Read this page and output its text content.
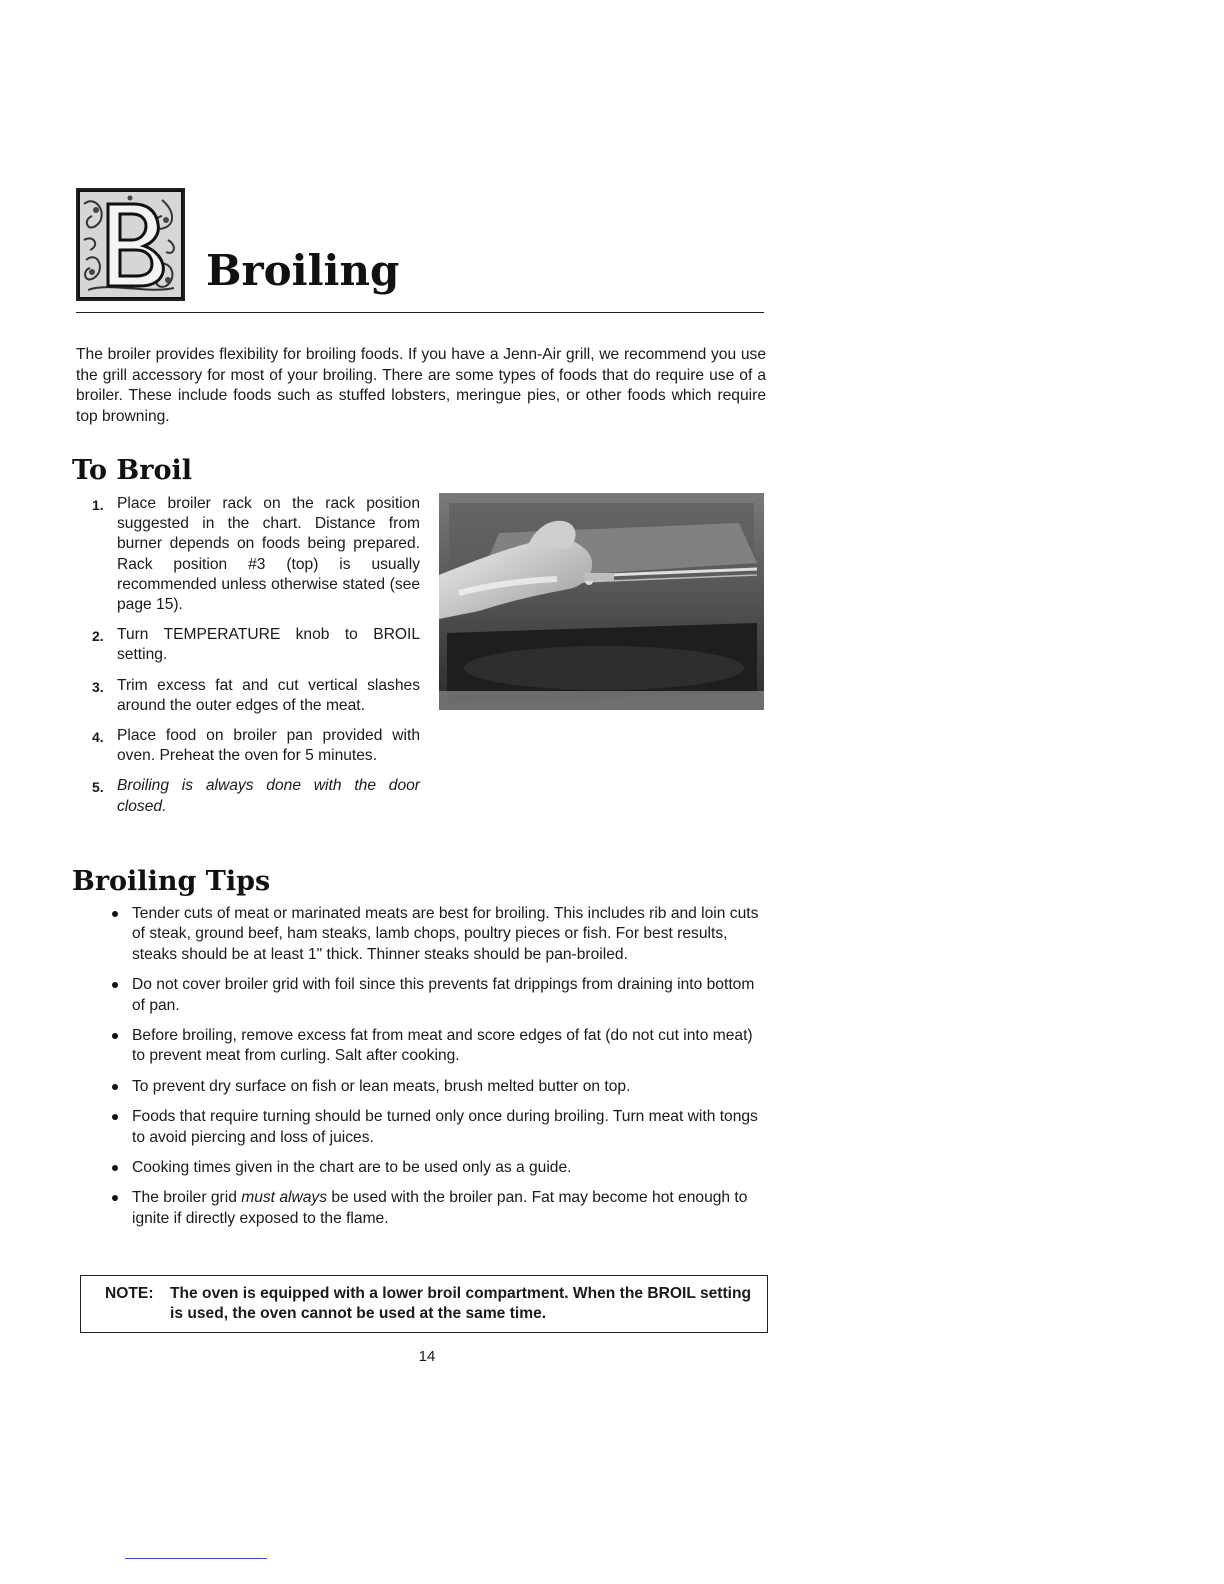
Broiling

The broiler provides flexibility for broiling foods. If you have a Jenn-Air grill, we recommend you use the grill accessory for most of your broiling. There are some types of foods that do require use of a broiler. These include foods such as stuffed lobsters, meringue pies, or other foods which require top browning.

To Broil
1. Place broiler rack on the rack position suggested in the chart. Distance from burner depends on foods being prepared. Rack position #3 (top) is usually recommended unless otherwise stated (see page 15).
2. Turn TEMPERATURE knob to BROIL setting.
3. Trim excess fat and cut vertical slashes around the outer edges of the meat.
4. Place food on broiler pan provided with oven. Preheat the oven for 5 minutes.
5. Broiling is always done with the door closed.
Broiling Tips
Tender cuts of meat or marinated meats are best for broiling. This includes rib and loin cuts of steak, ground beef, ham steaks, lamb chops, poultry pieces or fish. For best results, steaks should be at least 1" thick. Thinner steaks should be pan-broiled.
Do not cover broiler grid with foil since this prevents fat drippings from draining into bottom of pan.
Before broiling, remove excess fat from meat and score edges of fat (do not cut into meat) to prevent meat from curling. Salt after cooking.
To prevent dry surface on fish or lean meats, brush melted butter on top.
Foods that require turning should be turned only once during broiling. Turn meat with tongs to avoid piercing and loss of juices.
Cooking times given in the chart are to be used only as a guide.
The broiler grid must always be used with the broiler pan. Fat may become hot enough to ignite if directly exposed to the flame.
NOTE: The oven is equipped with a lower broil compartment. When the BROIL setting is used, the oven cannot be used at the same time.
14
